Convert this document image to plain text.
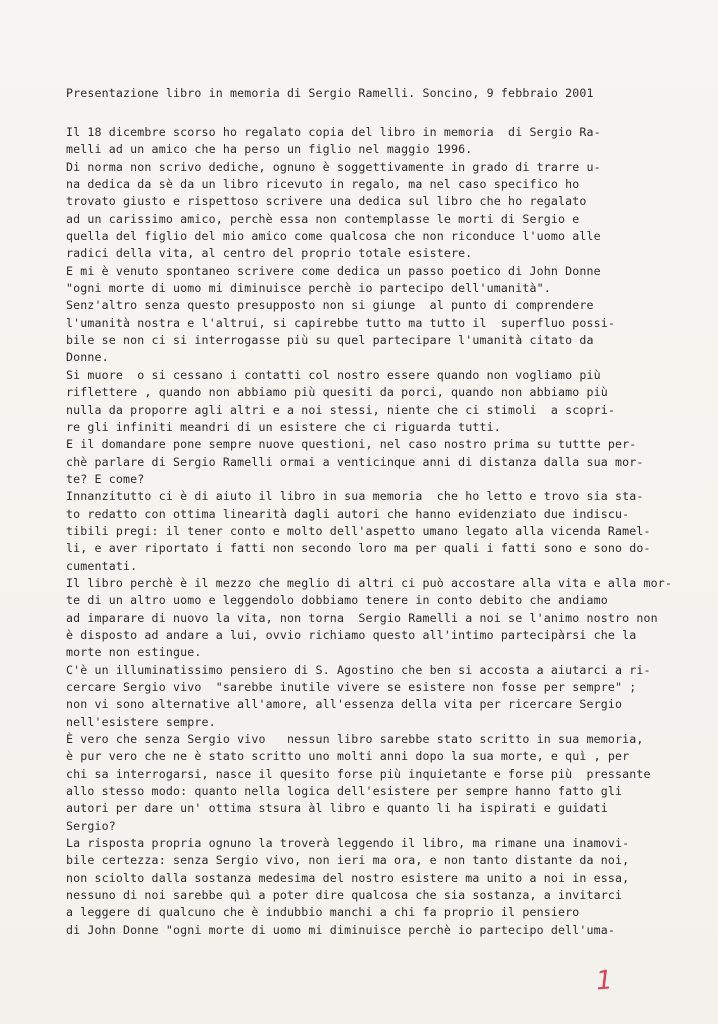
Presentazione libro in memoria di Sergio Ramelli. Soncino, 9 febbraio 2001
Il 18 dicembre scorso ho regalato copia del libro in memoria  di Sergio Ra-
melli ad un amico che ha perso un figlio nel maggio 1996.
Di norma non scrivo dediche, ognuno è soggettivamente in grado di trarre u-
na dedica da sè da un libro ricevuto in regalo, ma nel caso specifico ho
trovato giusto e rispettoso scrivere una dedica sul libro che ho regalato
ad un carissimo amico, perchè essa non contemplasse le morti di Sergio e
quella del figlio del mio amico come qualcosa che non riconduce l'uomo alle
radici della vita, al centro del proprio totale esistere.
E mi è venuto spontaneo scrivere come dedica un passo poetico di John Donne
"ogni morte di uomo mi diminuisce perchè io partecipo dell'umanità".
Senz'altro senza questo presupposto non si giunge  al punto di comprendere
l'umanità nostra e l'altrui, si capirebbe tutto ma tutto il  superfluo possi-
bile se non ci si interrogasse più su quel partecipare l'umanità citato da
Donne.
Si muore  o si cessano i contatti col nostro essere quando non vogliamo più
riflettere , quando non abbiamo più quesiti da porci, quando non abbiamo più
nulla da proporre agli altri e a noi stessi, niente che ci stimoli  a scopri-
re gli infiniti meandri di un esistere che ci riguarda tutti.
E il domandare pone sempre nuove questioni, nel caso nostro prima su tuttte per-
chè parlare di Sergio Ramelli ormai a venticinque anni di distanza dalla sua mor-
te? E come?
Innanzitutto ci è di aiuto il libro in sua memoria  che ho letto e trovo sia sta-
to redatto con ottima linearità dagli autori che hanno evidenziato due indiscu-
tibili pregi: il tener conto e molto dell'aspetto umano legato alla vicenda Ramel-
li, e aver riportato i fatti non secondo loro ma per quali i fatti sono e sono do-
cumentati.
Il libro perchè è il mezzo che meglio di altri ci può accostare alla vita e alla mor-
te di un altro uomo e leggendolo dobbiamo tenere in conto debito che andiamo
ad imparare di nuovo la vita, non torna  Sergio Ramelli a noi se l'animo nostro non
è disposto ad andare a lui, ovvio richiamo questo all'intimo partecipàrsi che la
morte non estingue.
C'è un illuminatissimo pensiero di S. Agostino che ben si accosta a aiutarci a ri-
cercare Sergio vivo  "sarebbe inutile vivere se esistere non fosse per sempre" ;
non vi sono alternative all'amore, all'essenza della vita per ricercare Sergio
nell'esistere sempre.
È vero che senza Sergio vivo   nessun libro sarebbe stato scritto in sua memoria,
è pur vero che ne è stato scritto uno molti anni dopo la sua morte, e quì , per
chi sa interrogarsi, nasce il quesito forse più inquietante e forse più  pressante
allo stesso modo: quanto nella logica dell'esistere per sempre hanno fatto gli
autori per dare un' ottima stsura àl libro e quanto li ha ispirati e guidati
Sergio?
La risposta propria ognuno la troverà leggendo il libro, ma rimane una inamovi-
bile certezza: senza Sergio vivo, non ieri ma ora, e non tanto distante da noi,
non sciolto dalla sostanza medesima del nostro esistere ma unito a noi in essa,
nessuno di noi sarebbe quì a poter dire qualcosa che sia sostanza, a invitarci
a leggere di qualcuno che è indubbio manchi a chi fa proprio il pensiero
di John Donne "ogni morte di uomo mi diminuisce perchè io partecipo dell'uma-
1
